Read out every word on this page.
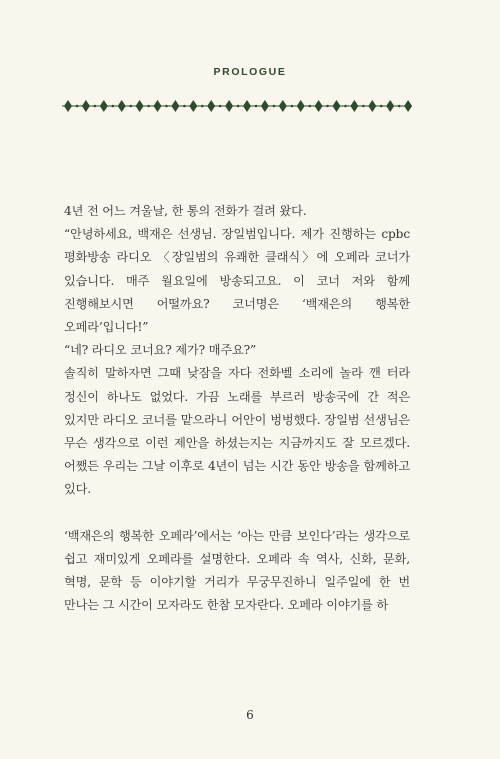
PROLOGUE

4년 전 어느 겨울날, 한 통의 전화가 걸려 왔다.

“안녕하세요, 백재은 선생님. 장일범입니다. 제가 진행하는 cpbc 평화방송 라디오 〈장일범의 유쾌한 클래식〉에 오페라 코너가 있습니다. 매주 월요일에 방송되고요. 이 코너 저와 함께 진행해보시면 어떨까요? 코너명은 ‘백재은의 행복한 오페라’입니다!”

“네? 라디오 코너요? 제가? 매주요?”

솔직히 말하자면 그때 낮잠을 자다 전화벨 소리에 놀라 깬 터라 정신이 하나도 없었다. 가끔 노래를 부르러 방송국에 간 적은 있지만 라디오 코너를 맡으라니 어안이 벙벙했다. 장일범 선생님은 무슨 생각으로 이런 제안을 하셨는지는 지금까지도 잘 모르겠다. 어쨌든 우리는 그날 이후로 4년이 넘는 시간 동안 방송을 함께하고 있다.

‘백재은의 행복한 오페라’에서는 ‘아는 만큼 보인다’라는 생각으로 쉽고 재미있게 오페라를 설명한다. 오페라 속 역사, 신화, 문화, 혁명, 문학 등 이야기할 거리가 무궁무진하니 일주일에 한 번 만나는 그 시간이 모자라도 한참 모자란다. 오페라 이야기를 하

6
